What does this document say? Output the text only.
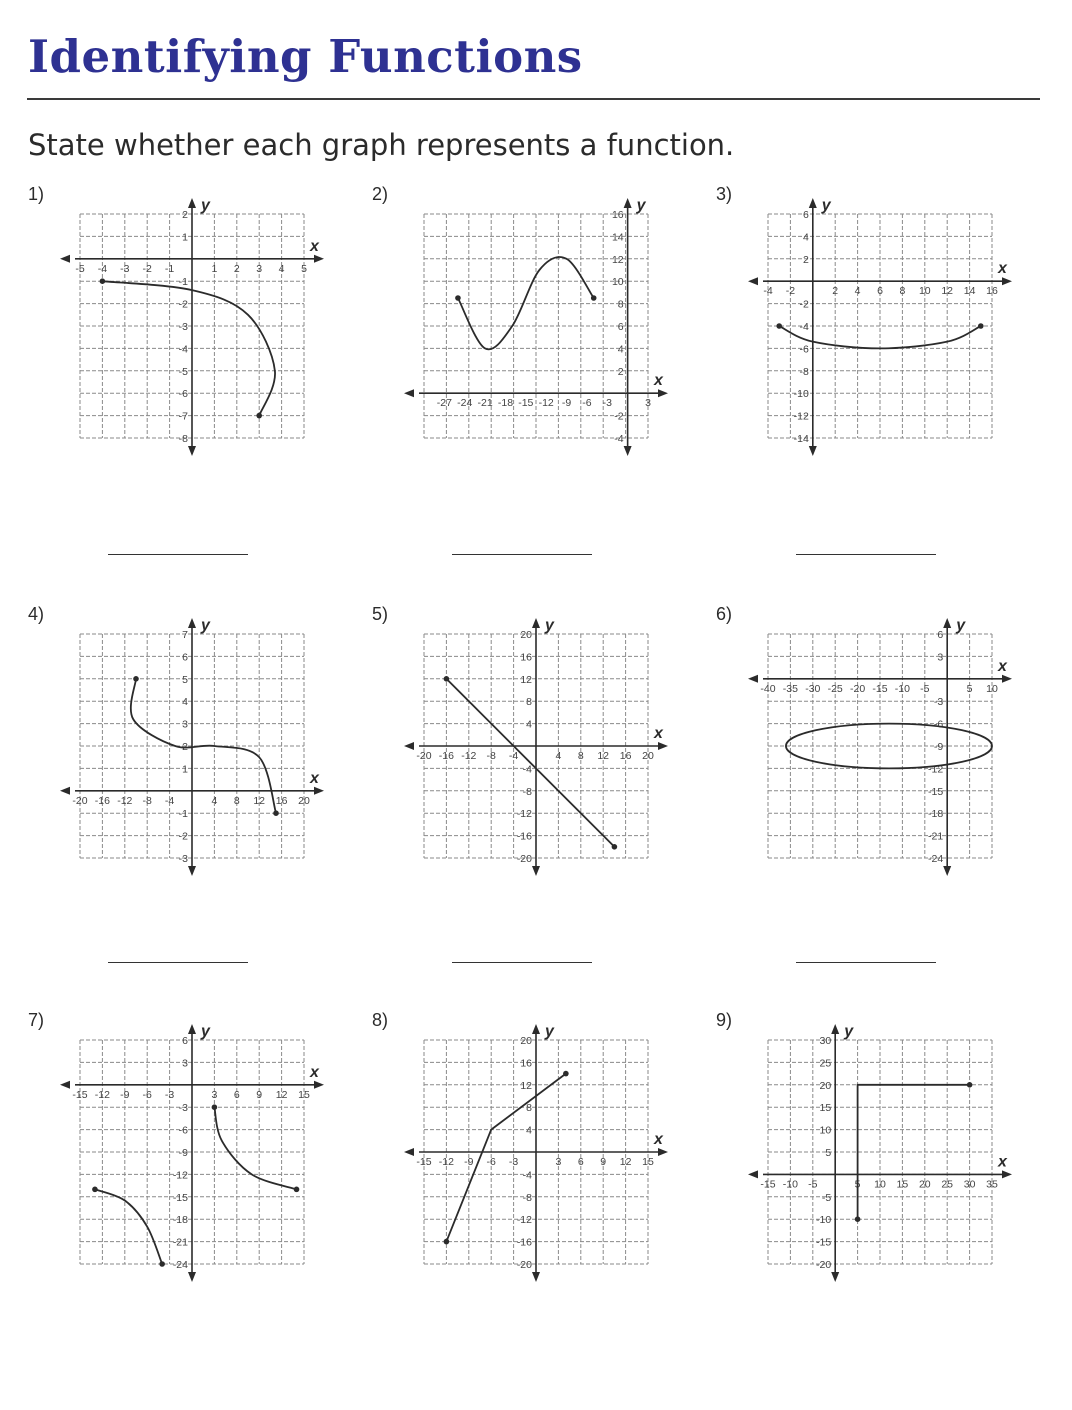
Identifying Functions

State whether each graph represents a function.

1)
x
y
-5 -4 -3 -2 -1	1 2 3 4 5
2
1
-1
-2
-3
-4
-5
-6
-7
-8
2)
x
y
-27 -24 -21 -18 -15 -12 -9 -6 -3	3
16
14
12
10
8
6
4
2
-2
-4
3)
x
y
-4 -2	2 4 6 8 10 12 14 16
6
4
2
-2
-4
-6
-8
-10
-12
-14
4)
x
y
-20 -16 -12 -8 -4	4 8 12 16 20
7
6
5
4
3
2
1
-1
-2
-3
5)
x
y
-20 -16 -12 -8 -4	4 8 12 16 20
20
16
12
8
4
-4
-8
-12
-16
-20
6)
x
y
-40 -35 -30 -25 -20 -15 -10 -5	5 10
6
3
-3
-6
-9
-12
-15
-18
-21
-24
7)
x
y
-15 -12 -9 -6 -3	3 6 9 12 15
6
3
-3
-6
-9
-12
-15
-18
-21
-24
8)
x
y
-15 -12 -9 -6 -3	3 6 9 12 15
20
16
12
8
4
-4
-8
-12
-16
-20
9)
x
y
-15 -10 -5	5 10 15 20 25 30 35
30
25
20
15
10
5
-5
-10
-15
-20
